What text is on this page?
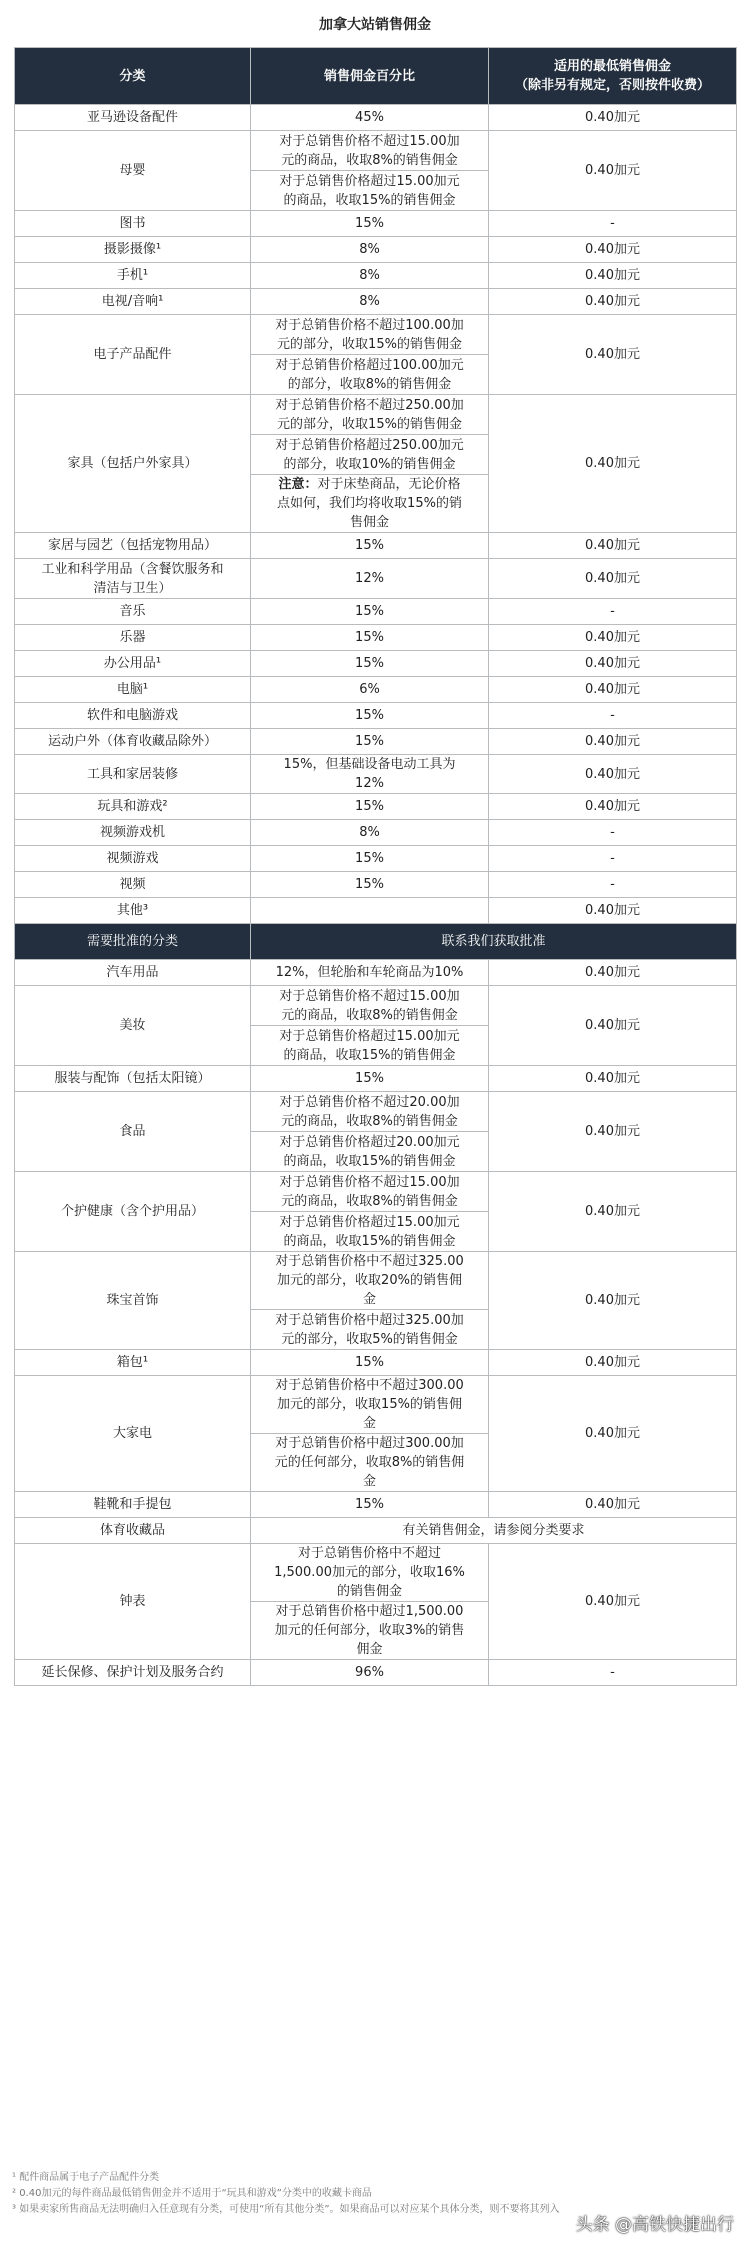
加拿大站销售佣金
分类	销售佣金百分比	适用的最低销售佣金
（除非另有规定，否则按件收费）

亚马逊设备配件	45%	0.40加元
母婴	对于总销售价格不超过15.00加元的商品，收取8%的销售佣金	0.40加元
	对于总销售价格超过15.00加元的商品，收取15%的销售佣金	
图书	15%	-
摄影摄像¹	8%	0.40加元
手机¹	8%	0.40加元
电视/音响¹	8%	0.40加元
电子产品配件	对于总销售价格不超过100.00加元的部分，收取15%的销售佣金	0.40加元
	对于总销售价格超过100.00加元的部分，收取8%的销售佣金	
家具（包括户外家具）	对于总销售价格不超过250.00加元的部分，收取15%的销售佣金	0.40加元
	对于总销售价格超过250.00加元的部分，收取10%的销售佣金	
	注意：对于床垫商品，无论价格点如何，我们均将收取15%的销售佣金	
家居与园艺（包括宠物用品）	15%	0.40加元
工业和科学用品（含餐饮服务和清洁与卫生）	12%	0.40加元
音乐	15%	-
乐器	15%	0.40加元
办公用品¹	15%	0.40加元
电脑¹	6%	0.40加元
软件和电脑游戏	15%	-
运动户外（体育收藏品除外）	15%	0.40加元
工具和家居装修	15%，但基础设备电动工具为12%	0.40加元
玩具和游戏²	15%	0.40加元
视频游戏机	8%	-
视频游戏	15%	-
视频	15%	-
其他³		0.40加元
需要批准的分类	联系我们获取批准	
汽车用品	12%，但轮胎和车轮商品为10%	0.40加元
美妆	对于总销售价格不超过15.00加元的商品，收取8%的销售佣金	0.40加元
	对于总销售价格超过15.00加元的商品，收取15%的销售佣金	
服装与配饰（包括太阳镜）	15%	0.40加元
食品	对于总销售价格不超过20.00加元的商品，收取8%的销售佣金	0.40加元
	对于总销售价格超过20.00加元的商品，收取15%的销售佣金	
个护健康（含个护用品）	对于总销售价格不超过15.00加元的商品，收取8%的销售佣金	0.40加元
	对于总销售价格超过15.00加元的商品，收取15%的销售佣金	
珠宝首饰	对于总销售价格中不超过325.00加元的部分，收取20%的销售佣金	0.40加元
	对于总销售价格中超过325.00加元的部分，收取5%的销售佣金	
箱包¹	15%	0.40加元
大家电	对于总销售价格中不超过300.00加元的部分，收取15%的销售佣金	0.40加元
	对于总销售价格中超过300.00加元的任何部分，收取8%的销售佣金	
鞋靴和手提包	15%	0.40加元
体育收藏品	有关销售佣金，请参阅分类要求	
钟表	对于总销售价格中不超过1,500.00加元的部分，收取16%的销售佣金	0.40加元
	对于总销售价格中超过1,500.00加元的任何部分，收取3%的销售佣金	
延长保修、保护计划及服务合约	96%	-
¹ 配件商品属于电子产品配件分类
² 0.40加元的每件商品最低销售佣金并不适用于“玩具和游戏”分类中的收藏卡商品
³ 如果卖家所售商品无法明确归入任意现有分类，可使用“所有其他分类”。如果商品可以对应某个具体分类，则不要将其列入
头条 @高铁快捷出行
